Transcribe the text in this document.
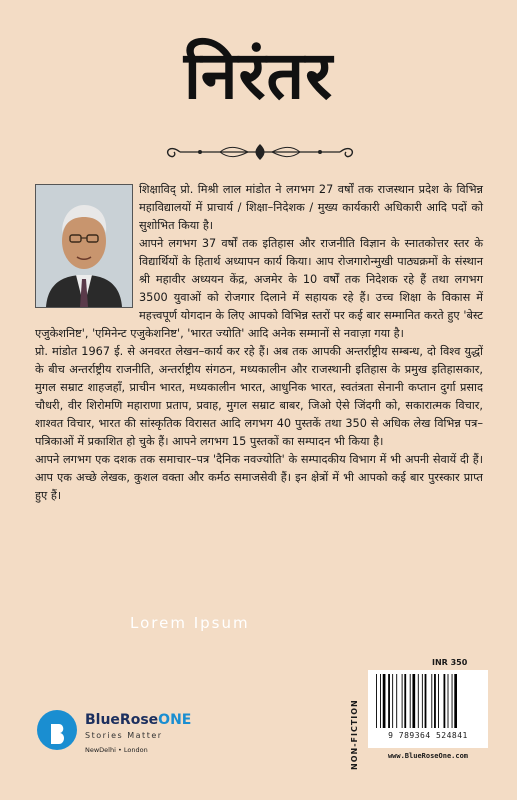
निरंतर

शिक्षाविद् प्रो. मिश्री लाल मांडोत ने लगभग 27 वर्षों तक राजस्थान प्रदेश के विभिन्न महाविद्यालयों में प्राचार्य / शिक्षा–निदेशक / मुख्य कार्यकारी अधिकारी आदि पदों को सुशोभित किया है।

आपने लगभग 37 वर्षों तक इतिहास और राजनीति विज्ञान के स्नातकोत्तर स्तर के विद्यार्थियों के हितार्थ अध्यापन कार्य किया। आप रोजगारोन्मुखी पाठ्यक्रमों के संस्थान श्री महावीर अध्ययन केंद्र, अजमेर के 10 वर्षों तक निदेशक रहे हैं तथा लगभग 3500 युवाओं को रोजगार दिलाने में सहायक रहे हैं। उच्च शिक्षा के विकास में महत्त्वपूर्ण योगदान के लिए आपको विभिन्न स्तरों पर कई बार सम्मानित करते हुए 'बेस्ट एजुकेशनिष्ट', 'एमिनेन्ट एजुकेशनिष्ट', 'भारत ज्योति' आदि अनेक सम्मानों से नवाज़ा गया है।

प्रो. मांडोत 1967 ई. से अनवरत लेखन–कार्य कर रहे हैं। अब तक आपकी अन्तर्राष्ट्रीय सम्बन्ध, दो विश्व युद्धों के बीच अन्तर्राष्ट्रीय राजनीति, अन्तर्राष्ट्रीय संगठन, मध्यकालीन और राजस्थानी इतिहास के प्रमुख इतिहासकार, मुगल सम्राट शाहजहाँ, प्राचीन भारत, मध्यकालीन भारत, आधुनिक भारत, स्वतंत्रता सेनानी कप्तान दुर्गा प्रसाद चौधरी, वीर शिरोमणि महाराणा प्रताप, प्रवाह, मुगल सम्राट बाबर, जिओ ऐसे जिंदगी को, सकारात्मक विचार, शाश्वत विचार, भारत की सांस्कृतिक विरासत आदि लगभग 40 पुस्तकें तथा 350 से अधिक लेख विभिन्न पत्र–पत्रिकाओं में प्रकाशित हो चुके हैं। आपने लगभग 15 पुस्तकों का सम्पादन भी किया है।

आपने लगभग एक दशक तक समाचार–पत्र 'दैनिक नवज्योति' के सम्पादकीय विभाग में भी अपनी सेवायें दी हैं। आप एक अच्छे लेखक, कुशल वक्ता और कर्मठ समाजसेवी हैं। इन क्षेत्रों में भी आपको कई बार पुरस्कार प्राप्त हुए हैं।

Lorem Ipsum
BlueRoseONE
Stories Matter
NewDelhi • London
INR 350
NON-FICTION	9 789364 524841
www.BlueRoseOne.com
